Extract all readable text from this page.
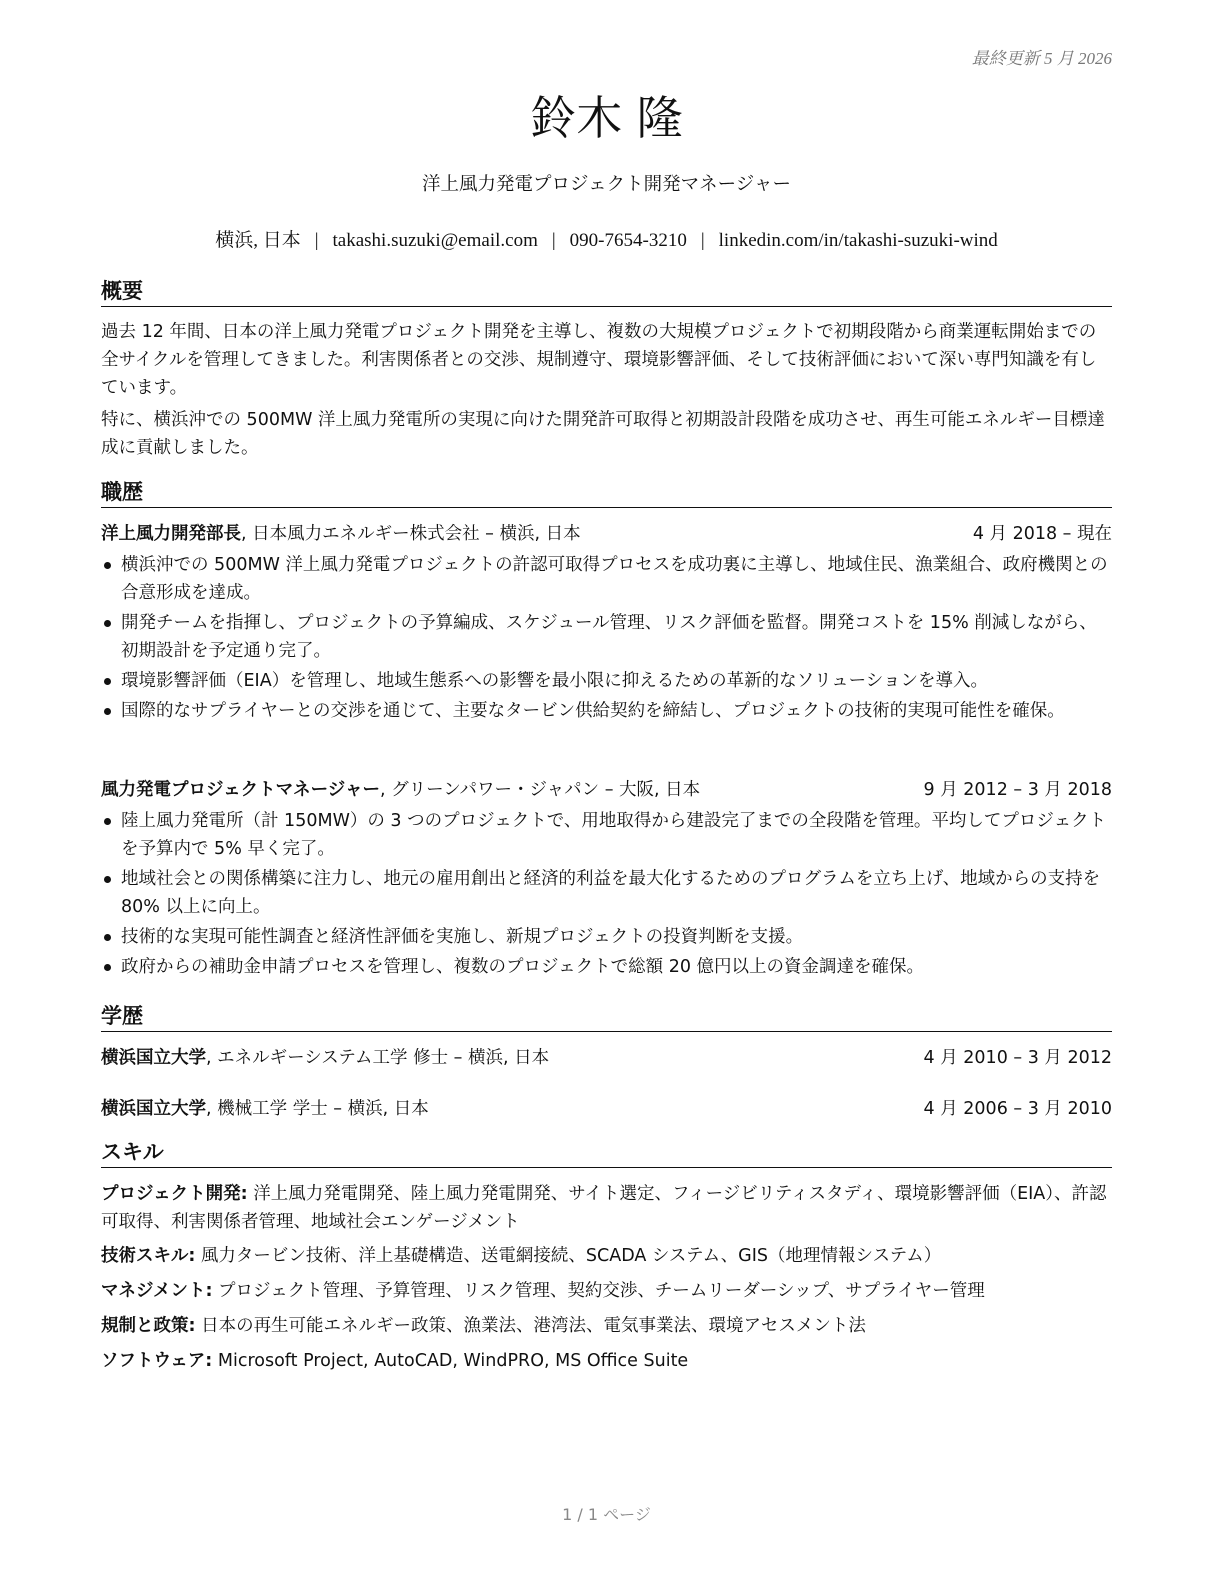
最終更新 5 月 2026
鈴木 隆
洋上風力発電プロジェクト開発マネージャー
横浜, 日本 | takashi.suzuki@email.com | 090-7654-3210 | linkedin.com/in/takashi-suzuki-wind
概要
過去 12 年間、日本の洋上風力発電プロジェクト開発を主導し、複数の大規模プロジェクトで初期段階から商業運転開始までの全サイクルを管理してきました。利害関係者との交渉、規制遵守、環境影響評価、そして技術評価において深い専門知識を有しています。
特に、横浜沖での 500MW 洋上風力発電所の実現に向けた開発許可取得と初期設計段階を成功させ、再生可能エネルギー目標達成に貢献しました。
職歴
洋上風力開発部長, 日本風力エネルギー株式会社 – 横浜, 日本	4 月 2018 – 現在
横浜沖での 500MW 洋上風力発電プロジェクトの許認可取得プロセスを成功裏に主導し、地域住民、漁業組合、政府機関との合意形成を達成。
開発チームを指揮し、プロジェクトの予算編成、スケジュール管理、リスク評価を監督。開発コストを 15% 削減しながら、初期設計を予定通り完了。
環境影響評価（EIA）を管理し、地域生態系への影響を最小限に抑えるための革新的なソリューションを導入。
国際的なサプライヤーとの交渉を通じて、主要なタービン供給契約を締結し、プロジェクトの技術的実現可能性を確保。
風力発電プロジェクトマネージャー, グリーンパワー・ジャパン – 大阪, 日本	9 月 2012 – 3 月 2018
陸上風力発電所（計 150MW）の 3 つのプロジェクトで、用地取得から建設完了までの全段階を管理。平均してプロジェクトを予算内で 5% 早く完了。
地域社会との関係構築に注力し、地元の雇用創出と経済的利益を最大化するためのプログラムを立ち上げ、地域からの支持を 80% 以上に向上。
技術的な実現可能性調査と経済性評価を実施し、新規プロジェクトの投資判断を支援。
政府からの補助金申請プロセスを管理し、複数のプロジェクトで総額 20 億円以上の資金調達を確保。
学歴
横浜国立大学, エネルギーシステム工学 修士 – 横浜, 日本	4 月 2010 – 3 月 2012
横浜国立大学, 機械工学 学士 – 横浜, 日本	4 月 2006 – 3 月 2010
スキル
プロジェクト開発: 洋上風力発電開発、陸上風力発電開発、サイト選定、フィージビリティスタディ、環境影響評価（EIA）、許認可取得、利害関係者管理、地域社会エンゲージメント
技術スキル: 風力タービン技術、洋上基礎構造、送電網接続、SCADA システム、GIS（地理情報システム）
マネジメント: プロジェクト管理、予算管理、リスク管理、契約交渉、チームリーダーシップ、サプライヤー管理
規制と政策: 日本の再生可能エネルギー政策、漁業法、港湾法、電気事業法、環境アセスメント法
ソフトウェア: Microsoft Project, AutoCAD, WindPRO, MS Office Suite
1 / 1 ページ
